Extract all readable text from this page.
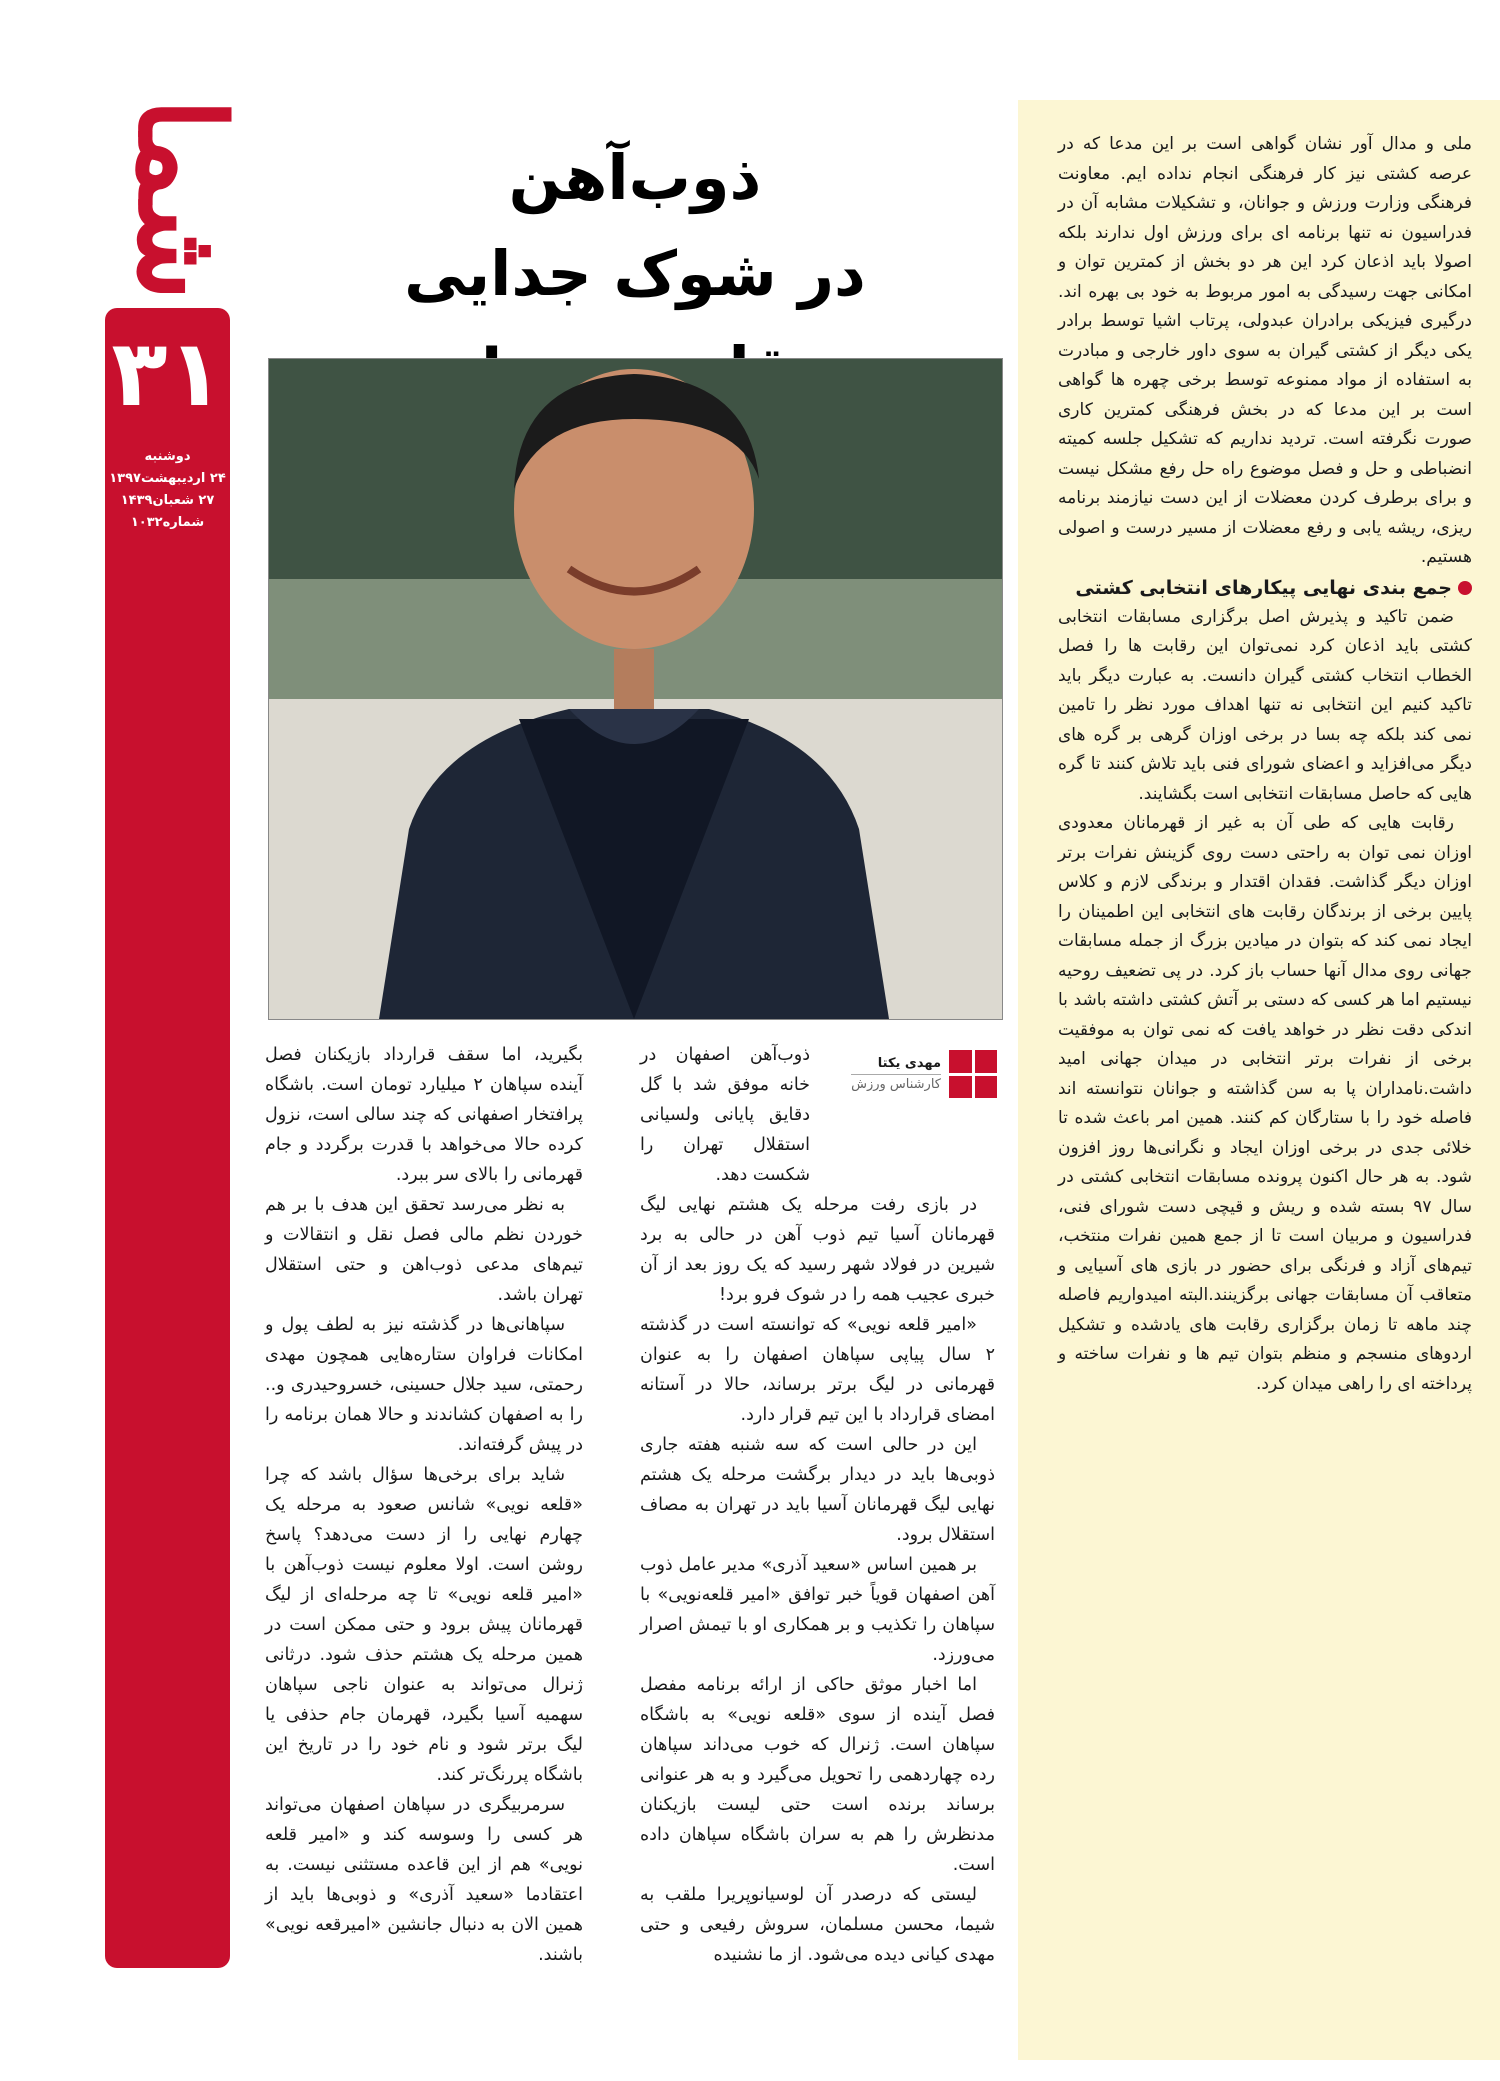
شما
۳۱
دوشنبه
۲۴ اردیبهشت۱۳۹۷
۲۷ شعبان۱۴۳۹
شماره۱۰۳۲
ذوب‌آهن
در شوک جدایی
مهدی یکتا
کارشناس ورزش

ذوب‌آهن اصفهان در خانه موفق شد با گل دقایق پایانی ولسیانی استقلال تهران را شکست دهد.

در بازی رفت مرحله یک هشتم نهایی لیگ قهرمانان آسیا تیم ذوب آهن در حالی به برد شیرین در فولاد شهر رسید که یک روز بعد از آن خبری عجیب همه را در شوک فرو برد!

«امیر قلعه نویی» که توانسته است در گذشته ۲ سال پیاپی سپاهان اصفهان را به عنوان قهرمانی در لیگ برتر برساند، حالا در آستانه امضای قرارداد با این تیم قرار دارد.

این در حالی است که سه شنبه هفته جاری ذوبی‌ها باید در دیدار برگشت مرحله یک هشتم نهایی لیگ قهرمانان آسیا باید در تهران به مصاف استقلال برود.

بر همین اساس «سعید آذری» مدیر عامل ذوب آهن اصفهان قویاً خبر توافق «امیر قلعه‌نویی» با سپاهان را تکذیب و بر همکاری او با تیمش اصرار می‌ورزد.

اما اخبار موثق حاکی از ارائه برنامه مفصل فصل آینده از سوی «قلعه نویی» به باشگاه سپاهان است. ژنرال که خوب می‌داند سپاهان رده چهاردهمی را تحویل می‌گیرد و به هر عنوانی برساند برنده است حتی لیست بازیکنان مدنظرش را هم به سران باشگاه سپاهان داده است.

لیستی که درصدر آن لوسیانوپریرا ملقب به شیما، محسن مسلمان، سروش رفیعی و حتی مهدی کیانی دیده می‌شود. از ما نشنیده

بگیرید، اما سقف قرارداد بازیکنان فصل آینده سپاهان ۲ میلیارد تومان است. باشگاه پرافتخار اصفهانی که چند سالی است، نزول کرده حالا می‌خواهد با قدرت برگردد و جام قهرمانی را بالای سر ببرد.

به نظر می‌رسد تحقق این هدف با بر هم خوردن نظم مالی فصل نقل و انتقالات و تیم‌های مدعی ذوب‌اهن و حتی استقلال تهران باشد.

سپاهانی‌ها در گذشته نیز به لطف پول و امکانات فراوان ستاره‌هایی همچون مهدی رحمتی، سید جلال حسینی، خسروحیدری و.. را به اصفهان کشاندند و حالا همان برنامه را در پیش گرفته‌اند.

شاید برای برخی‌ها سؤال باشد که چرا «قلعه نویی» شانس صعود به مرحله یک چهارم نهایی را از دست می‌دهد؟ پاسخ روشن است. اولا معلوم نیست ذوب‌آهن با «امیر قلعه نویی» تا چه مرحله‌ای از لیگ قهرمانان پیش برود و حتی ممکن است در همین مرحله یک هشتم حذف شود. درثانی ژنرال می‌تواند به عنوان ناجی سپاهان سهمیه آسیا بگیرد، قهرمان جام حذفی یا لیگ برتر شود و نام خود را در تاریخ این باشگاه پررنگ‌تر کند.

سرمربیگری در سپاهان اصفهان می‌تواند هر کسی را وسوسه کند و «امیر قلعه نویی» هم از این قاعده مستثنی نیست. به اعتقادما «سعید آذری» و ذوبی‌ها باید از همین الان به دنبال جانشین «امیرقعه نویی» باشند.

ملی و مدال آور نشان گواهی است بر این مدعا که در عرصه کشتی نیز کار فرهنگی انجام نداده ایم. معاونت فرهنگی وزارت ورزش و جوانان، و تشکیلات مشابه آن در فدراسیون نه تنها برنامه ای برای ورزش اول ندارند بلکه اصولا باید اذعان کرد این هر دو بخش از کمترین توان و امکانی جهت رسیدگی به امور مربوط به خود بی بهره اند. درگیری فیزیکی برادران عبدولی، پرتاب اشیا توسط برادر یکی دیگر از کشتی گیران به سوی داور خارجی و مبادرت به استفاده از مواد ممنوعه توسط برخی چهره ها گواهی است بر این مدعا که در بخش فرهنگی کمترین کاری صورت نگرفته است. تردید نداریم که تشکیل جلسه کمیته انضباطی و حل و فصل موضوع راه حل رفع مشکل نیست و برای برطرف کردن معضلات از این دست نیازمند برنامه ریزی، ریشه یابی و رفع معضلات از مسیر درست و اصولی هستیم.

جمع بندی نهایی پیکارهای انتخابی کشتی

ضمن تاکید و پذیرش اصل برگزاری مسابقات انتخابی کشتی باید اذعان کرد نمی‌توان این رقابت ها را فصل الخطاب انتخاب کشتی گیران دانست. به عبارت دیگر باید تاکید کنیم این انتخابی نه تنها اهداف مورد نظر را تامین نمی کند بلکه چه بسا در برخی اوزان گرهی بر گره های دیگر می‌افزاید و اعضای شورای فنی باید تلاش کنند تا گره هایی که حاصل مسابقات انتخابی است بگشایند.

رقابت هایی که طی آن به غیر از قهرمانان معدودی اوزان نمی توان به راحتی دست روی گزینش نفرات برتر اوزان دیگر گذاشت. فقدان اقتدار و برندگی لازم و کلاس پایین برخی از برندگان رقابت های انتخابی این اطمینان را ایجاد نمی کند که بتوان در میادین بزرگ از جمله مسابقات جهانی روی مدال آنها حساب باز کرد. در پی تضعیف روحیه نیستیم اما هر کسی که دستی بر آتش کشتی داشته باشد با اندکی دقت نظر در خواهد یافت که نمی توان به موفقیت برخی از نفرات برتر انتخابی در میدان جهانی امید داشت.نامداران پا به سن گذاشته و جوانان نتوانسته اند فاصله خود را با ستارگان کم کنند. همین امر باعث شده تا خلائی جدی در برخی اوزان ایجاد و نگرانی‌ها روز افزون شود. به هر حال اکنون پرونده مسابقات انتخابی کشتی در سال ۹۷ بسته شده و ریش و قیچی دست شورای فنی، فدراسیون و مربیان است تا از جمع همین نفرات منتخب، تیم‌های آزاد و فرنگی برای حضور در بازی های آسیایی و متعاقب آن مسابقات جهانی برگزینند.البته امیدواریم فاصله چند ماهه تا زمان برگزاری رقابت های یادشده و تشکیل اردوهای منسجم و منظم بتوان تیم ها و نفرات ساخته و پرداخته ای را راهی میدان کرد.
